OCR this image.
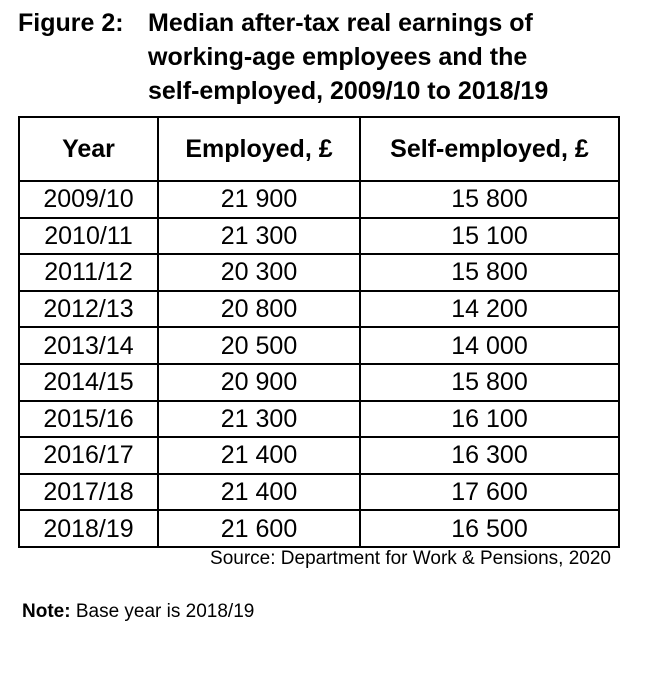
Figure 2: Median after-tax real earnings of
working-age employees and the
self-employed, 2009/10 to 2018/19
Year	Employed, £	Self-employed, £
2009/10	21 900	15 800
2010/11	21 300	15 100
2011/12	20 300	15 800
2012/13	20 800	14 200
2013/14	20 500	14 000
2014/15	20 900	15 800
2015/16	21 300	16 100
2016/17	21 400	16 300
2017/18	21 400	17 600
2018/19	21 600	16 500
Source: Department for Work & Pensions, 2020
Note: Base year is 2018/19
